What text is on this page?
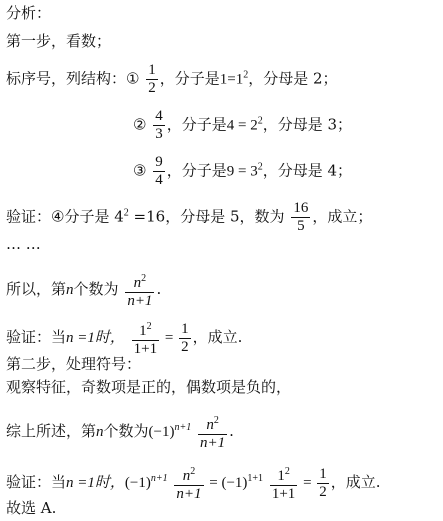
分析：
第一步，看数；
标序号，列结构：① $\frac{1}{2}$ ，分子是$1=1^2$，分母是 2；
② $\frac{4}{3}$ ，分子是$4 = 2^2$，分母是 3；
③ $\frac{9}{4}$ ，分子是$9 = 3^2$，分母是 4；
验证：④分子是 $4^2 =16$，分母是 5，数为 $\frac{16}{5}$ ，成立；
… …
所以，第n个数为 $\frac{n^2}{n+1}$ .
验证：当n =1时， $\frac{1^2}{1+1} = \frac{1}{2}$ ，成立.
第二步，处理符号：
观察特征，奇数项是正的，偶数项是负的，
综上所述，第n个数为$(-1)^{n+1} \frac{n^2}{n+1}$ .
验证：当n =1时，$(-1)^{n+1} \frac{n^2}{n+1} = (-1)^{1+1} \frac{1^2}{1+1} = \frac{1}{2}$ ，成立.
故选 A.
